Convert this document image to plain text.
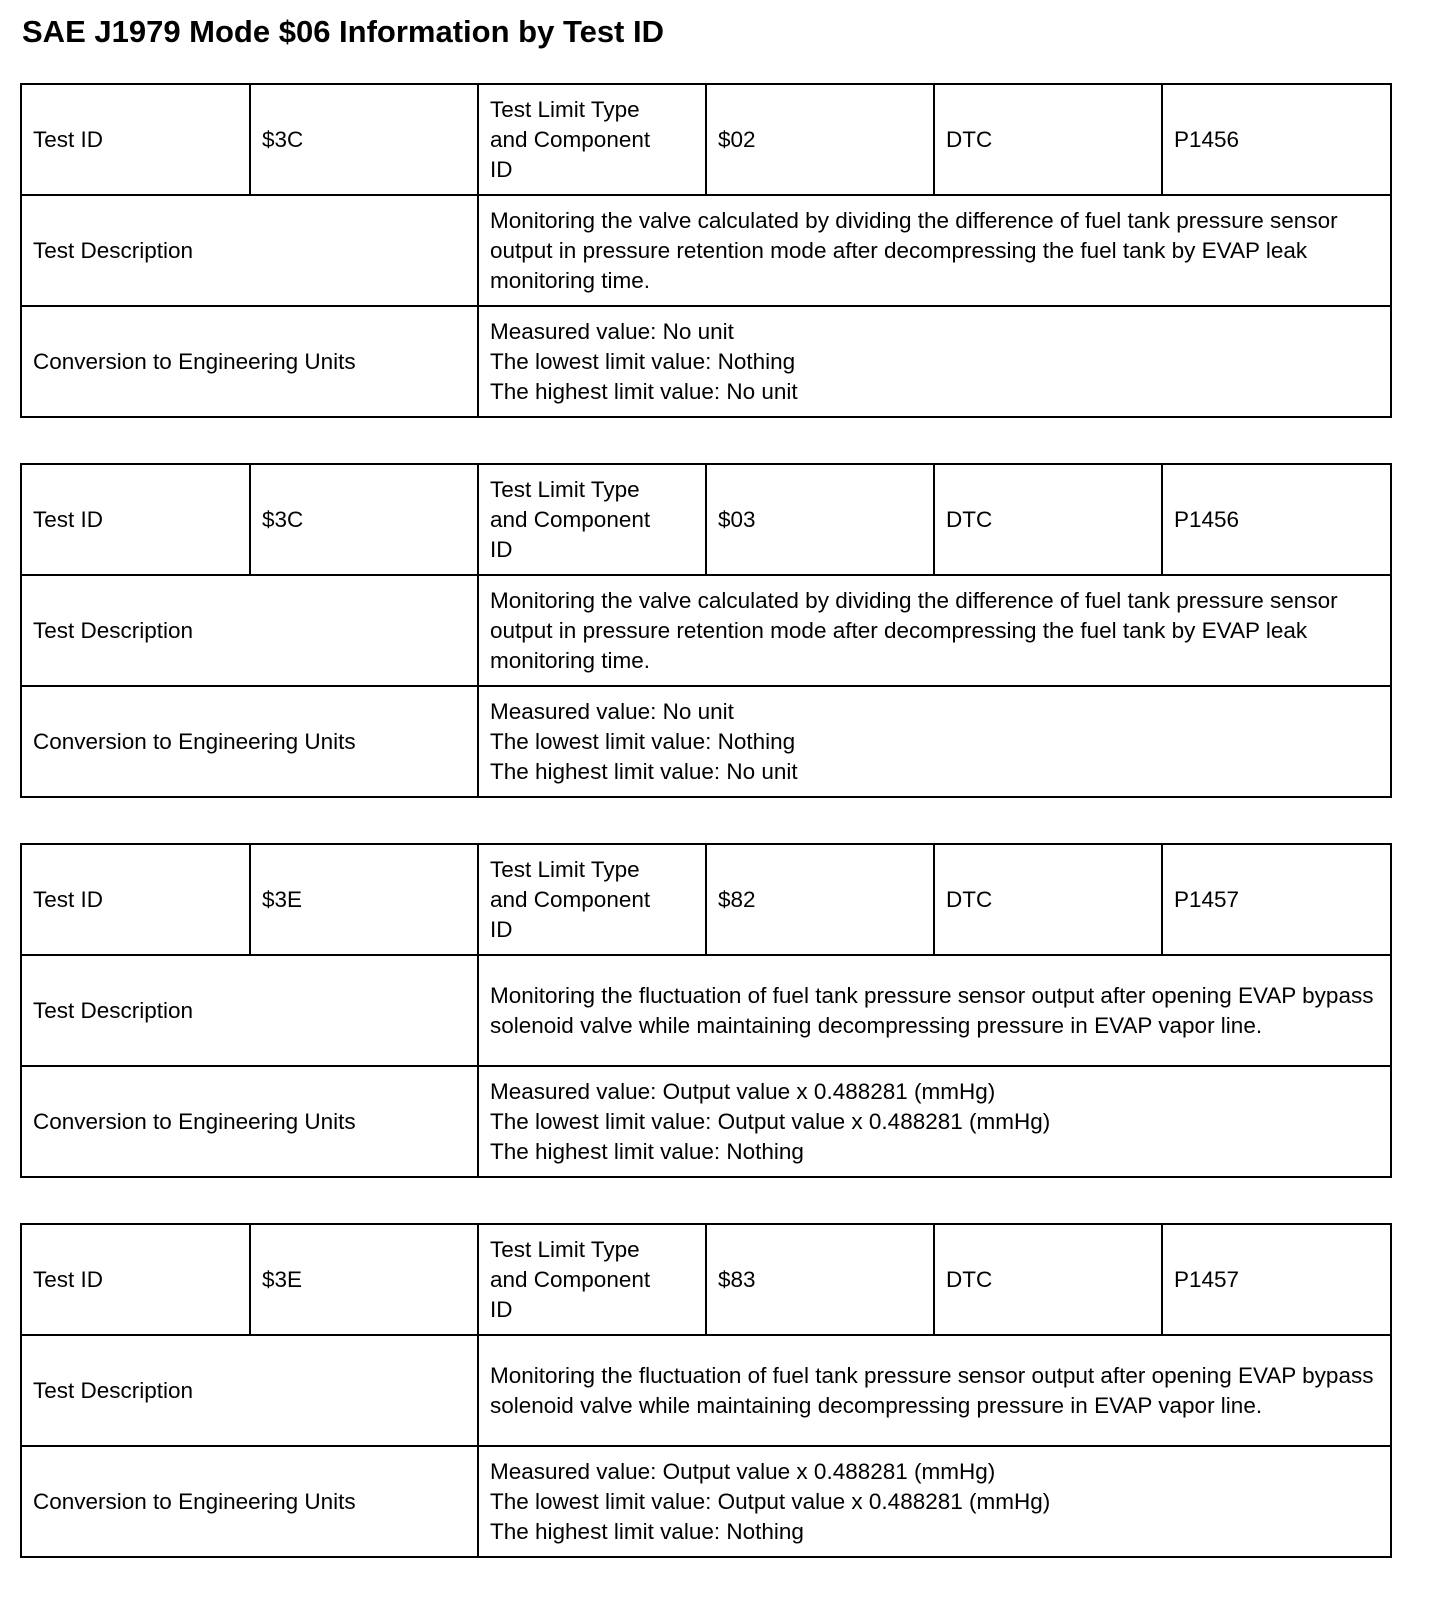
SAE J1979 Mode $06 Information by Test ID
Test ID	$3C	Test Limit Type
and Component
ID	$02	DTC	P1456
Test Description		Monitoring the valve calculated by dividing the difference of fuel tank pressure sensor output in pressure retention mode after decompressing the fuel tank by EVAP leak monitoring time.			

Conversion to Engineering Units		Measured value: No unit
The lowest limit value: Nothing
The highest limit value: No unit			
Test ID	$3C	Test Limit Type
and Component
ID	$03	DTC	P1456
Test Description		Monitoring the valve calculated by dividing the difference of fuel tank pressure sensor output in pressure retention mode after decompressing the fuel tank by EVAP leak monitoring time.			

Conversion to Engineering Units		Measured value: No unit
The lowest limit value: Nothing
The highest limit value: No unit			
Test ID	$3E	Test Limit Type
and Component
ID	$82	DTC	P1457
Test Description		Monitoring the fluctuation of fuel tank pressure sensor output after opening EVAP bypass solenoid valve while maintaining decompressing pressure in EVAP vapor line.			

Conversion to Engineering Units		Measured value: Output value x 0.488281 (mmHg)
The lowest limit value: Output value x 0.488281 (mmHg)
The highest limit value: Nothing			
Test ID	$3E	Test Limit Type
and Component
ID	$83	DTC	P1457
Test Description		Monitoring the fluctuation of fuel tank pressure sensor output after opening EVAP bypass solenoid valve while maintaining decompressing pressure in EVAP vapor line.			

Conversion to Engineering Units		Measured value: Output value x 0.488281 (mmHg)
The lowest limit value: Output value x 0.488281 (mmHg)
The highest limit value: Nothing			
